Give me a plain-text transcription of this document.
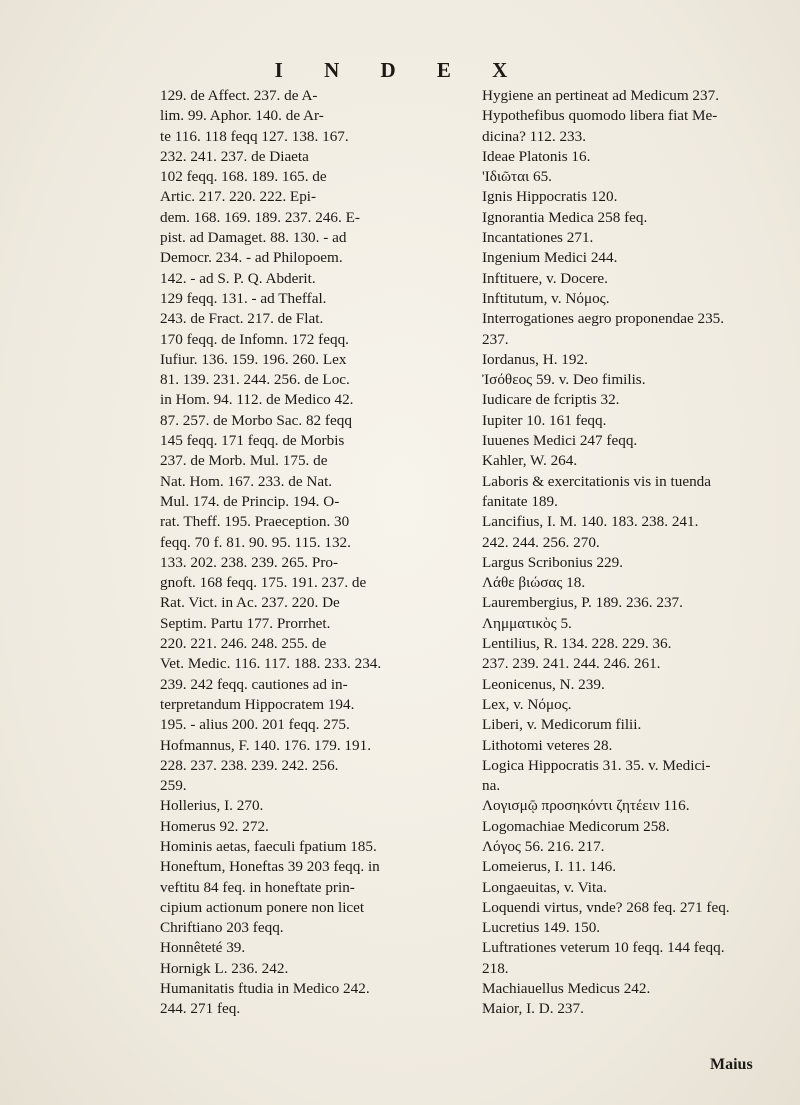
I N D E X
129. de Affect. 237. de A-
lim. 99. Aphor. 140. de Ar-
te 116. 118 feqq 127. 138. 167.
232. 241. 237. de Diaeta
102 feqq. 168. 189. 165. de
Artic. 217. 220. 222. Epi-
dem. 168. 169. 189. 237. 246. E-
pist. ad Damaget. 88. 130. - ad
Democr. 234. - ad Philopoem.
142. - ad S. P. Q. Abderit.
129 feqq. 131. - ad Theffal.
243. de Fract. 217. de Flat.
170 feqq. de Infomn. 172 feqq.
Iufiur. 136. 159. 196. 260. Lex
81. 139. 231. 244. 256. de Loc.
in Hom. 94. 112. de Medico 42.
87. 257. de Morbo Sac. 82 feqq
145 feqq. 171 feqq. de Morbis
237. de Morb. Mul. 175. de
Nat. Hom. 167. 233. de Nat.
Mul. 174. de Princip. 194. O-
rat. Theff. 195. Praeception. 30
feqq. 70 f. 81. 90. 95. 115. 132.
133. 202. 238. 239. 265. Pro-
gnoft. 168 feqq. 175. 191. 237. de
Rat. Vict. in Ac. 237. 220. De
Septim. Partu 177. Prorrhet.
220. 221. 246. 248. 255. de
Vet. Medic. 116. 117. 188. 233. 234.
239. 242 feqq. cautiones ad in-
terpretandum Hippocratem 194.
195. - alius 200. 201 feqq. 275.
Hofmannus, F. 140. 176. 179. 191.
228. 237. 238. 239. 242. 256.
259.
Hollerius, I. 270.
Homerus 92. 272.
Hominis aetas, faeculi fpatium 185.
Honeftum, Honeftas 39 203 feqq. in
veftitu 84 feq. in honeftate prin-
cipium actionum ponere non licet
Chriftiano 203 feqq.
Honnêteté 39.
Hornigk L. 236. 242.
Humanitatis ftudia in Medico 242.
244. 271 feq.
Hygiene an pertineat ad Medicum 237.
Hypothefibus quomodo libera fiat Me-
dicina? 112. 233.
Ideae Platonis 16.
'Iδιῶται 65.
Ignis Hippocratis 120.
Ignorantia Medica 258 feq.
Incantationes 271.
Ingenium Medici 244.
Inftituere, v. Docere.
Inftitutum, v. Νόμος.
Interrogationes aegro proponendae 235.
237.
Iordanus, H. 192.
Ἰσόθεος 59. v. Deo fimilis.
Iudicare de fcriptis 32.
Iupiter 10. 161 feqq.
Iuuenes Medici 247 feqq.
Kahler, W. 264.
Laboris & exercitationis vis in tuenda
fanitate 189.
Lancifius, I. M. 140. 183. 238. 241.
242. 244. 256. 270.
Largus Scribonius 229.
Λάθε βιώσας 18.
Laurembergius, P. 189. 236. 237.
Λημματικὸς 5.
Lentilius, R. 134. 228. 229. 36.
237. 239. 241. 244. 246. 261.
Leonicenus, N. 239.
Lex, v. Νόμος.
Liberi, v. Medicorum filii.
Lithotomi veteres 28.
Logica Hippocratis 31. 35. v. Medici-
na.
Λογισμῷ προσηκόντι ζητέειν 116.
Logomachiae Medicorum 258.
Λόγος 56. 216. 217.
Lomeierus, I. 11. 146.
Longaeuitas, v. Vita.
Loquendi virtus, vnde? 268 feq. 271 feq.
Lucretius 149. 150.
Luftrationes veterum 10 feqq. 144 feqq.
218.
Machiauellus Medicus 242.
Maior, I. D. 237.
Maius
